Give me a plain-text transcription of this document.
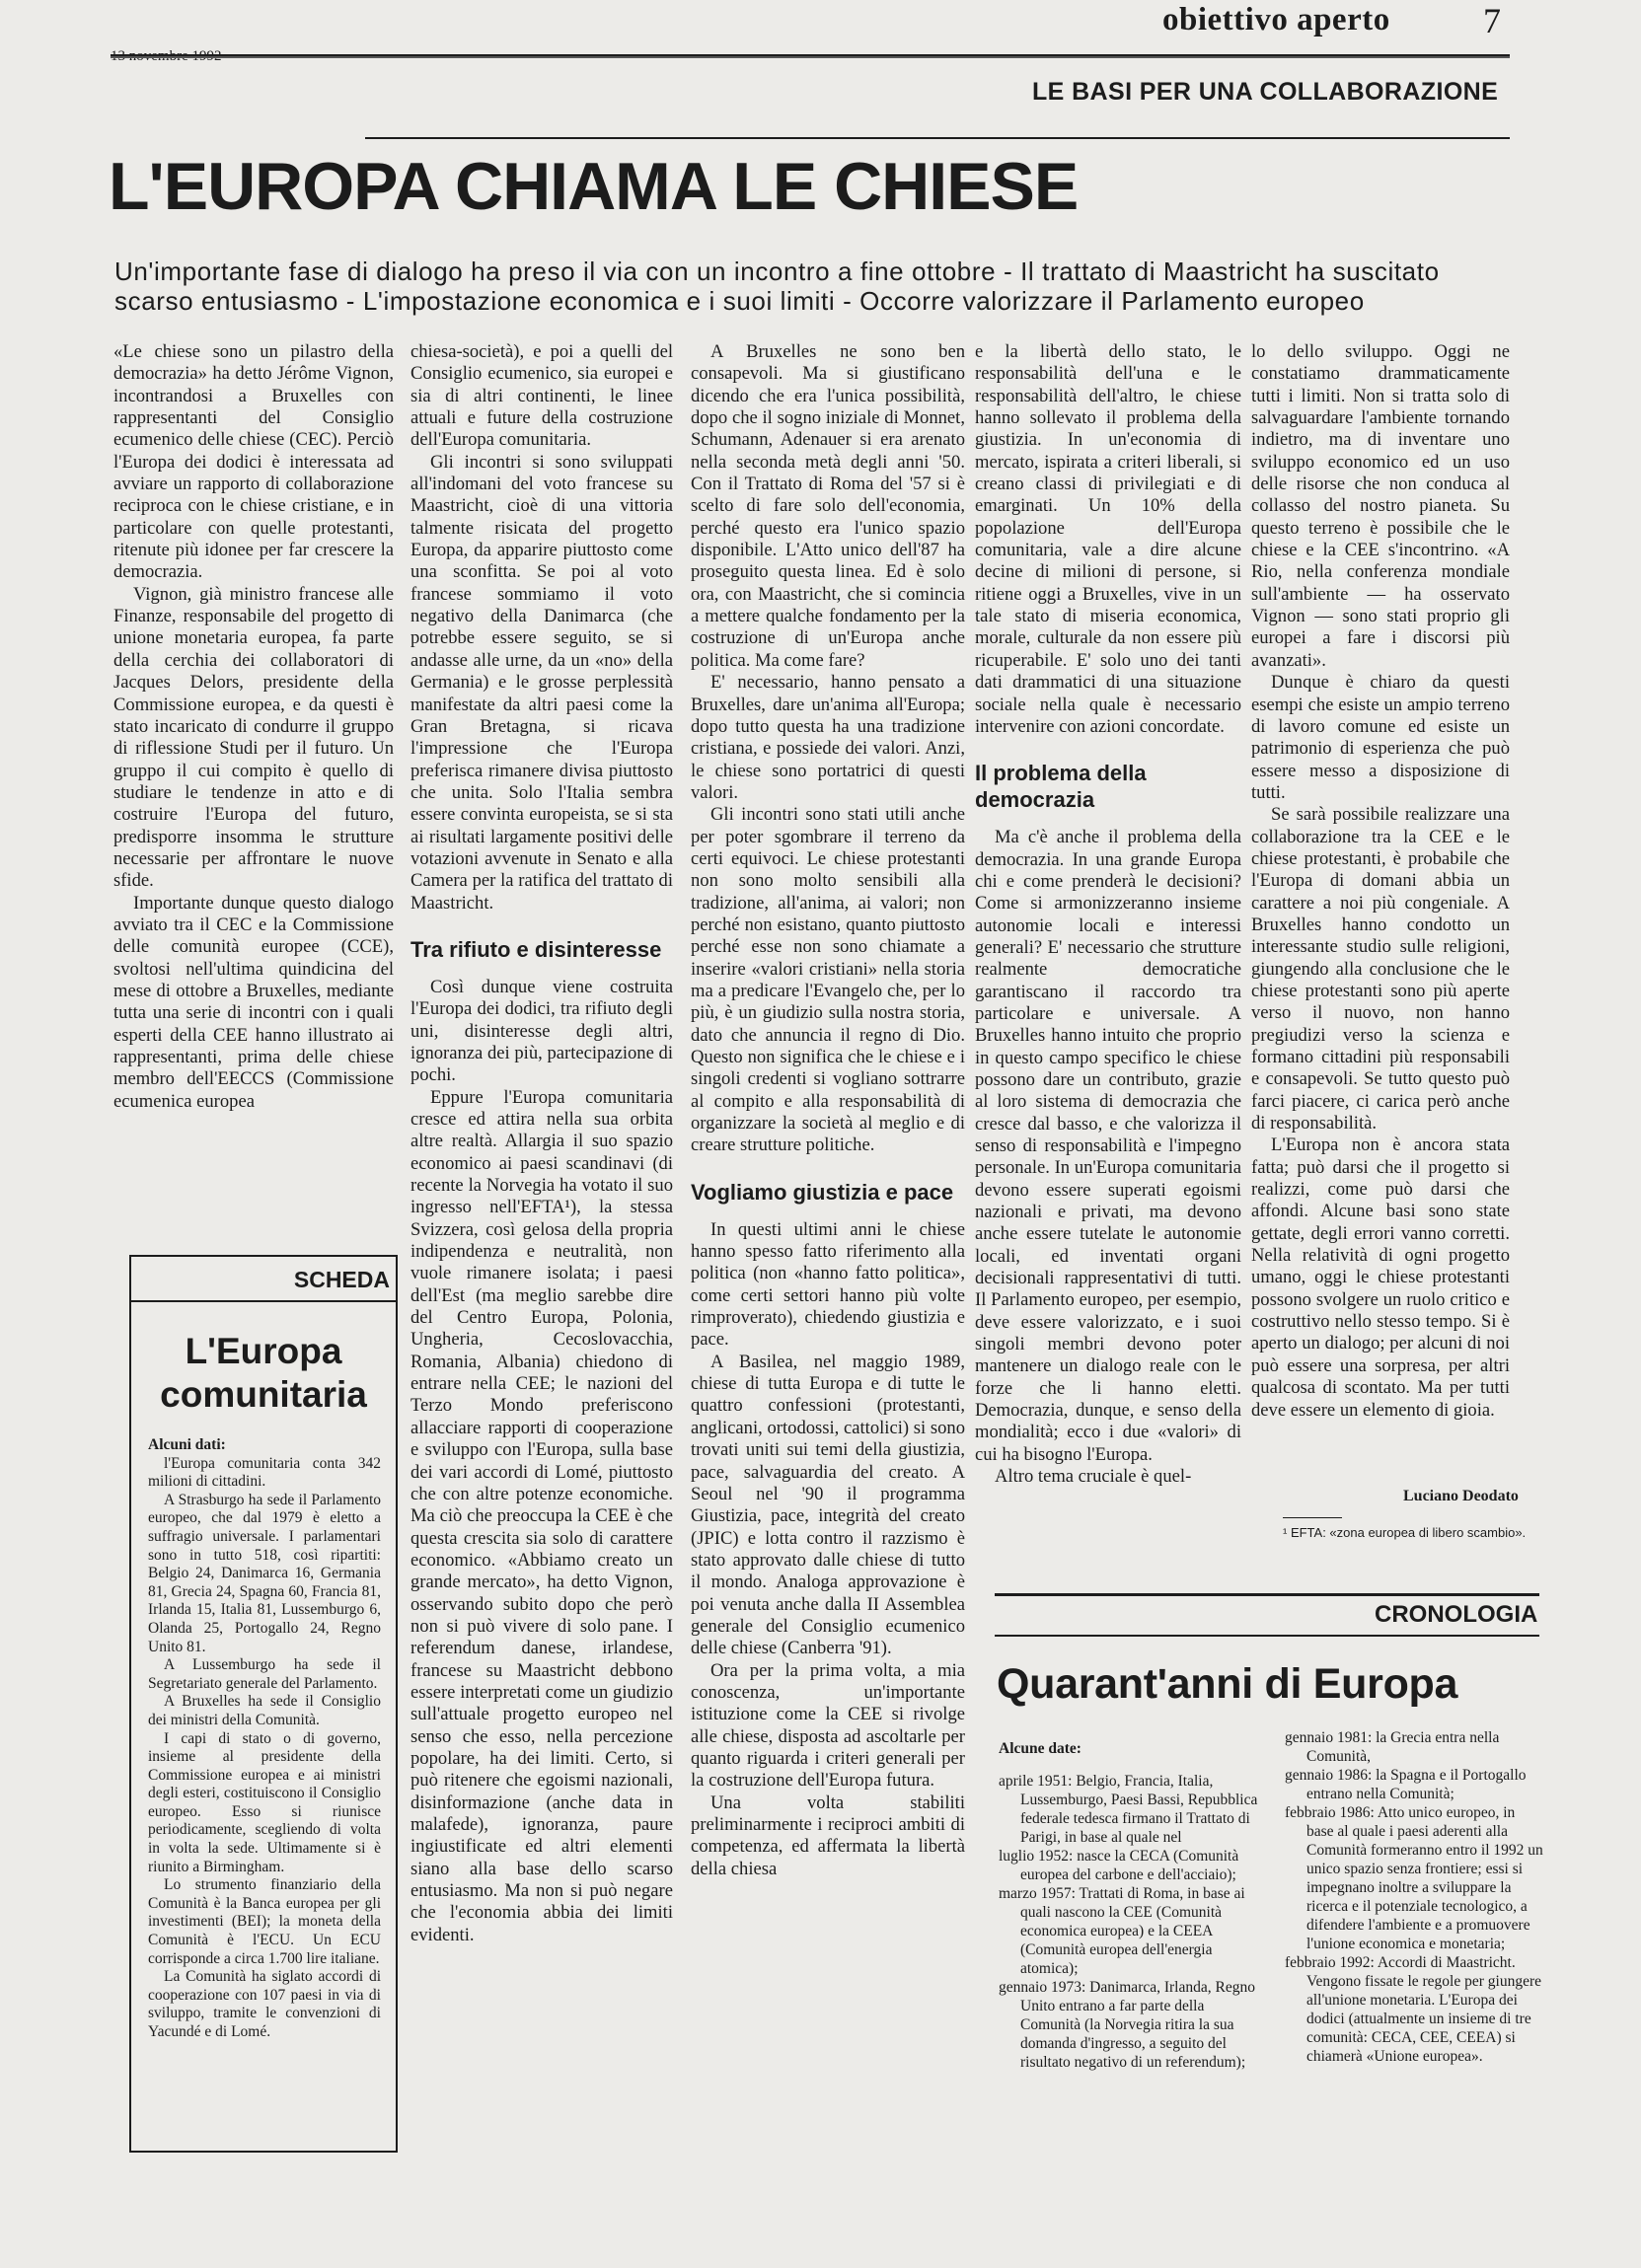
obiettivo aperto	7
LE BASI PER UNA COLLABORAZIONE
L'EUROPA CHIAMA LE CHIESE
Un'importante fase di dialogo ha preso il via con un incontro a fine ottobre - Il trattato di Maastricht ha suscitato scarso entusiasmo - L'impostazione economica e i suoi limiti - Occorre valorizzare il Parlamento europeo

«Le chiese sono un pilastro della democrazia» ha detto Jérôme Vignon, incontrandosi a Bruxelles con rappresentanti del Consiglio ecumenico delle chiese (CEC). Perciò l'Europa dei dodici è interessata ad avviare un rapporto di collaborazione reciproca con le chiese cristiane, e in particolare con quelle protestanti, ritenute più idonee per far crescere la democrazia.

Vignon, già ministro francese alle Finanze, responsabile del progetto di unione monetaria europea, fa parte della cerchia dei collaboratori di Jacques Delors, presidente della Commissione europea, e da questi è stato incaricato di condurre il gruppo di riflessione Studi per il futuro. Un gruppo il cui compito è quello di studiare le tendenze in atto e di costruire l'Europa del futuro, predisporre insomma le strutture necessarie per affrontare le nuove sfide.

Importante dunque questo dialogo avviato tra il CEC e la Commissione delle comunità europee (CCE), svoltosi nell'ultima quindicina del mese di ottobre a Bruxelles, mediante tutta una serie di incontri con i quali esperti della CEE hanno illustrato ai rappresentanti, prima delle chiese membro dell'EECCS (Commissione ecumenica europea

SCHEDA
L'Europa comunitaria

Alcuni dati:

l'Europa comunitaria conta 342 milioni di cittadini.

A Strasburgo ha sede il Parlamento europeo, che dal 1979 è eletto a suffragio universale. I parlamentari sono in tutto 518, così ripartiti: Belgio 24, Danimarca 16, Germania 81, Grecia 24, Spagna 60, Francia 81, Irlanda 15, Italia 81, Lussemburgo 6, Olanda 25, Portogallo 24, Regno Unito 81.

A Lussemburgo ha sede il Segretariato generale del Parlamento.

A Bruxelles ha sede il Consiglio dei ministri della Comunità.

I capi di stato o di governo, insieme al presidente della Commissione europea e ai ministri degli esteri, costituiscono il Consiglio europeo. Esso si riunisce periodicamente, scegliendo di volta in volta la sede. Ultimamente si è riunito a Birmingham.

Lo strumento finanziario della Comunità è la Banca europea per gli investimenti (BEI); la moneta della Comunità è l'ECU. Un ECU corrisponde a circa 1.700 lire italiane.

La Comunità ha siglato accordi di cooperazione con 107 paesi in via di sviluppo, tramite le convenzioni di Yacundé e di Lomé.

chiesa-società), e poi a quelli del Consiglio ecumenico, sia europei e sia di altri continenti, le linee attuali e future della costruzione dell'Europa comunitaria.

Gli incontri si sono sviluppati all'indomani del voto francese su Maastricht, cioè di una vittoria talmente risicata del progetto Europa, da apparire piuttosto come una sconfitta. Se poi al voto francese sommiamo il voto negativo della Danimarca (che potrebbe essere seguito, se si andasse alle urne, da un «no» della Germania) e le grosse perplessità manifestate da altri paesi come la Gran Bretagna, si ricava l'impressione che l'Europa preferisca rimanere divisa piuttosto che unita. Solo l'Italia sembra essere convinta europeista, se si sta ai risultati largamente positivi delle votazioni avvenute in Senato e alla Camera per la ratifica del trattato di Maastricht.

Tra rifiuto e disinteresse

Così dunque viene costruita l'Europa dei dodici, tra rifiuto degli uni, disinteresse degli altri, ignoranza dei più, partecipazione di pochi.

Eppure l'Europa comunitaria cresce ed attira nella sua orbita altre realtà. Allargia il suo spazio economico ai paesi scandinavi (di recente la Norvegia ha votato il suo ingresso nell'EFTA¹), la stessa Svizzera, così gelosa della propria indipendenza e neutralità, non vuole rimanere isolata; i paesi dell'Est (ma meglio sarebbe dire del Centro Europa, Polonia, Ungheria, Cecoslovacchia, Romania, Albania) chiedono di entrare nella CEE; le nazioni del Terzo Mondo preferiscono allacciare rapporti di cooperazione e sviluppo con l'Europa, sulla base dei vari accordi di Lomé, piuttosto che con altre potenze economiche. Ma ciò che preoccupa la CEE è che questa crescita sia solo di carattere economico. «Abbiamo creato un grande mercato», ha detto Vignon, osservando subito dopo che però non si può vivere di solo pane. I referendum danese, irlandese, francese su Maastricht debbono essere interpretati come un giudizio sull'attuale progetto europeo nel senso che esso, nella percezione popolare, ha dei limiti. Certo, si può ritenere che egoismi nazionali, disinformazione (anche data in malafede), ignoranza, paure ingiustificate ed altri elementi siano alla base dello scarso entusiasmo. Ma non si può negare che l'economia abbia dei limiti evidenti.

A Bruxelles ne sono ben consapevoli. Ma si giustificano dicendo che era l'unica possibilità, dopo che il sogno iniziale di Monnet, Schumann, Adenauer si era arenato nella seconda metà degli anni '50. Con il Trattato di Roma del '57 si è scelto di fare solo dell'economia, perché questo era l'unico spazio disponibile. L'Atto unico dell'87 ha proseguito questa linea. Ed è solo ora, con Maastricht, che si comincia a mettere qualche fondamento per la costruzione di un'Europa anche politica. Ma come fare?

E' necessario, hanno pensato a Bruxelles, dare un'anima all'Europa; dopo tutto questa ha una tradizione cristiana, e possiede dei valori. Anzi, le chiese sono portatrici di questi valori.

Gli incontri sono stati utili anche per poter sgombrare il terreno da certi equivoci. Le chiese protestanti non sono molto sensibili alla tradizione, all'anima, ai valori; non perché non esistano, quanto piuttosto perché esse non sono chiamate a inserire «valori cristiani» nella storia ma a predicare l'Evangelo che, per lo più, è un giudizio sulla nostra storia, dato che annuncia il regno di Dio. Questo non significa che le chiese e i singoli credenti si vogliano sottrarre al compito e alla responsabilità di organizzare la società al meglio e di creare strutture politiche.

Vogliamo giustizia e pace

In questi ultimi anni le chiese hanno spesso fatto riferimento alla politica (non «hanno fatto politica», come certi settori hanno più volte rimproverato), chiedendo giustizia e pace.

A Basilea, nel maggio 1989, chiese di tutta Europa e di tutte le quattro confessioni (protestanti, anglicani, ortodossi, cattolici) si sono trovati uniti sui temi della giustizia, pace, salvaguardia del creato. A Seoul nel '90 il programma Giustizia, pace, integrità del creato (JPIC) e lotta contro il razzismo è stato approvato dalle chiese di tutto il mondo. Analoga approvazione è poi venuta anche dalla II Assemblea generale del Consiglio ecumenico delle chiese (Canberra '91).

Ora per la prima volta, a mia conoscenza, un'importante istituzione come la CEE si rivolge alle chiese, disposta ad ascoltarle per quanto riguarda i criteri generali per la costruzione dell'Europa futura.

Una volta stabiliti preliminarmente i reciproci ambiti di competenza, ed affermata la libertà della chiesa

e la libertà dello stato, le responsabilità dell'una e le responsabilità dell'altro, le chiese hanno sollevato il problema della giustizia. In un'economia di mercato, ispirata a criteri liberali, si creano classi di privilegiati e di emarginati. Un 10% della popolazione dell'Europa comunitaria, vale a dire alcune decine di milioni di persone, si ritiene oggi a Bruxelles, vive in un tale stato di miseria economica, morale, culturale da non essere più ricuperabile. E' solo uno dei tanti dati drammatici di una situazione sociale nella quale è necessario intervenire con azioni concordate.

Il problema della democrazia

Ma c'è anche il problema della democrazia. In una grande Europa chi e come prenderà le decisioni? Come si armonizzeranno insieme autonomie locali e interessi generali? E' necessario che strutture realmente democratiche garantiscano il raccordo tra particolare e universale. A Bruxelles hanno intuito che proprio in questo campo specifico le chiese possono dare un contributo, grazie al loro sistema di democrazia che cresce dal basso, e che valorizza il senso di responsabilità e l'impegno personale. In un'Europa comunitaria devono essere superati egoismi nazionali e privati, ma devono anche essere tutelate le autonomie locali, ed inventati organi decisionali rappresentativi di tutti. Il Parlamento europeo, per esempio, deve essere valorizzato, e i suoi singoli membri devono poter mantenere un dialogo reale con le forze che li hanno eletti. Democrazia, dunque, e senso della mondialità; ecco i due «valori» di cui ha bisogno l'Europa.

Altro tema cruciale è quel-

lo dello sviluppo. Oggi ne constatiamo drammaticamente tutti i limiti. Non si tratta solo di salvaguardare l'ambiente tornando indietro, ma di inventare uno sviluppo economico ed un uso delle risorse che non conduca al collasso del nostro pianeta. Su questo terreno è possibile che le chiese e la CEE s'incontrino. «A Rio, nella conferenza mondiale sull'ambiente — ha osservato Vignon — sono stati proprio gli europei a fare i discorsi più avanzati».

Dunque è chiaro da questi esempi che esiste un ampio terreno di lavoro comune ed esiste un patrimonio di esperienza che può essere messo a disposizione di tutti.

Se sarà possibile realizzare una collaborazione tra la CEE e le chiese protestanti, è probabile che l'Europa di domani abbia un carattere a noi più congeniale. A Bruxelles hanno condotto un interessante studio sulle religioni, giungendo alla conclusione che le chiese protestanti sono più aperte verso il nuovo, non hanno pregiudizi verso la scienza e formano cittadini più responsabili e consapevoli. Se tutto questo può farci piacere, ci carica però anche di responsabilità.

L'Europa non è ancora stata fatta; può darsi che il progetto si realizzi, come può darsi che affondi. Alcune basi sono state gettate, degli errori vanno corretti. Nella relatività di ogni progetto umano, oggi le chiese protestanti possono svolgere un ruolo critico e costruttivo nello stesso tempo. Si è aperto un dialogo; per alcuni di noi può essere una sorpresa, per altri qualcosa di scontato. Ma per tutti deve essere un elemento di gioia.

Luciano Deodato
¹ EFTA: «zona europea di libero scambio».
CRONOLOGIA
Quarant'anni di Europa
Alcune date:

aprile 1951: Belgio, Francia, Italia, Lussemburgo, Paesi Bassi, Repubblica federale tedesca firmano il Trattato di Parigi, in base al quale nel

luglio 1952: nasce la CECA (Comunità europea del carbone e dell'acciaio);

marzo 1957: Trattati di Roma, in base ai quali nascono la CEE (Comunità economica europea) e la CEEA (Comunità europea dell'energia atomica);

gennaio 1973: Danimarca, Irlanda, Regno Unito entrano a far parte della Comunità (la Norvegia ritira la sua domanda d'ingresso, a seguito del risultato negativo di un referendum);

gennaio 1981: la Grecia entra nella Comunità,

gennaio 1986: la Spagna e il Portogallo entrano nella Comunità;

febbraio 1986: Atto unico europeo, in base al quale i paesi aderenti alla Comunità formeranno entro il 1992 un unico spazio senza frontiere; essi si impegnano inoltre a sviluppare la ricerca e il potenziale tecnologico, a difendere l'ambiente e a promuovere l'unione economica e monetaria;

febbraio 1992: Accordi di Maastricht. Vengono fissate le regole per giungere all'unione monetaria. L'Europa dei dodici (attualmente un insieme di tre comunità: CECA, CEE, CEEA) si chiamerà «Unione europea».
